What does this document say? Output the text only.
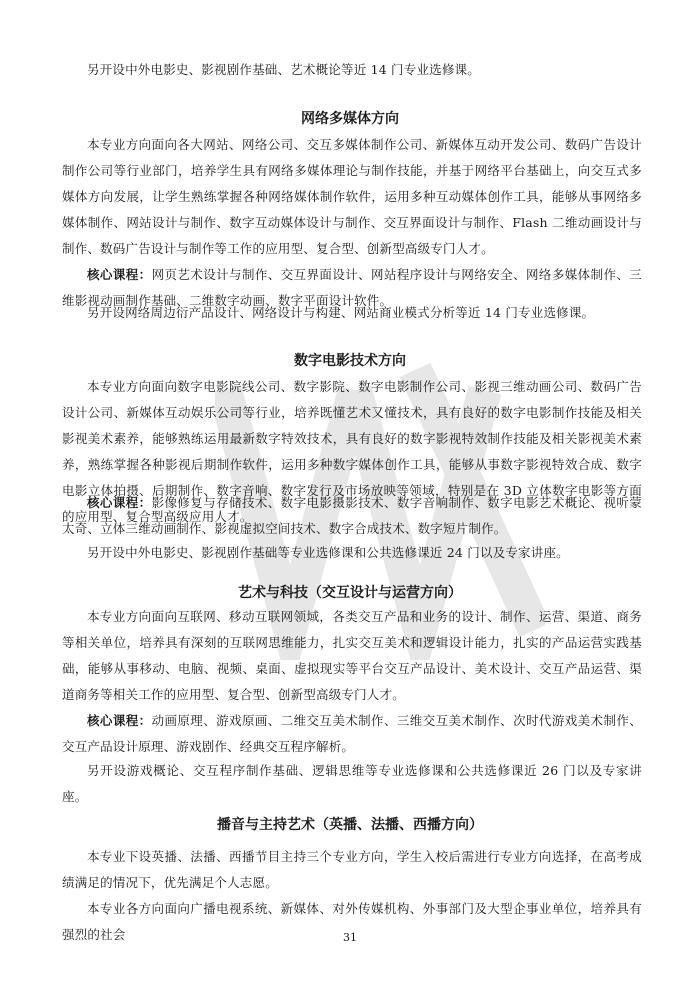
另开设中外电影史、影视剧作基础、艺术概论等近 14 门专业选修课。

网络多媒体方向

本专业方向面向各大网站、网络公司、交互多媒体制作公司、新媒体互动开发公司、数码广告设计制作公司等行业部门，培养学生具有网络多媒体理论与制作技能，并基于网络平台基础上，向交互式多媒体方向发展，让学生熟练掌握各种网络媒体制作软件，运用多种互动媒体创作工具，能够从事网络多媒体制作、网站设计与制作、数字互动媒体设计与制作、交互界面设计与制作、Flash 二维动画设计与制作、数码广告设计与制作等工作的应用型、复合型、创新型高级专门人才。

核心课程：网页艺术设计与制作、交互界面设计、网站程序设计与网络安全、网络多媒体制作、三维影视动画制作基础、二维数字动画、数字平面设计软件。

另开设网络周边衍产品设计、网络设计与构建、网站商业模式分析等近 14 门专业选修课。

数字电影技术方向

本专业方向面向数字电影院线公司、数字影院、数字电影制作公司、影视三维动画公司、数码广告设计公司、新媒体互动娱乐公司等行业，培养既懂艺术又懂技术，具有良好的数字电影制作技能及相关影视美术素养，能够熟练运用最新数字特效技术，具有良好的数字影视特效制作技能及相关影视美术素养，熟练掌握各种影视后期制作软件，运用多种数字媒体创作工具，能够从事数字影视特效合成、数字电影立体拍摄、后期制作、数字音响、数字发行及市场放映等领域，特别是在 3D 立体数字电影等方面的应用型、复合型高级应用人才。

核心课程：影像修复与存储技术、数字电影摄影技术、数字音响制作、数字电影艺术概论、视听蒙太奇、立体三维动画制作、影视虚拟空间技术、数字合成技术、数字短片制作。

另开设中外电影史、影视剧作基础等专业选修课和公共选修课近 24 门以及专家讲座。

艺术与科技（交互设计与运营方向）

本专业方向面向互联网、移动互联网领域，各类交互产品和业务的设计、制作、运营、渠道、商务等相关单位，培养具有深刻的互联网思维能力，扎实交互美术和逻辑设计能力，扎实的产品运营实践基础，能够从事移动、电脑、视频、桌面、虚拟现实等平台交互产品设计、美术设计、交互产品运营、渠道商务等相关工作的应用型、复合型、创新型高级专门人才。

核心课程：动画原理、游戏原画、二维交互美术制作、三维交互美术制作、次时代游戏美术制作、交互产品设计原理、游戏剧作、经典交互程序解析。

另开设游戏概论、交互程序制作基础、逻辑思维等专业选修课和公共选修课近 26 门以及专家讲座。

播音与主持艺术（英播、法播、西播方向）

本专业下设英播、法播、西播节目主持三个专业方向，学生入校后需进行专业方向选择，在高考成绩满足的情况下，优先满足个人志愿。

本专业各方向面向广播电视系统、新媒体、对外传媒机构、外事部门及大型企事业单位，培养具有强烈的社会	31
